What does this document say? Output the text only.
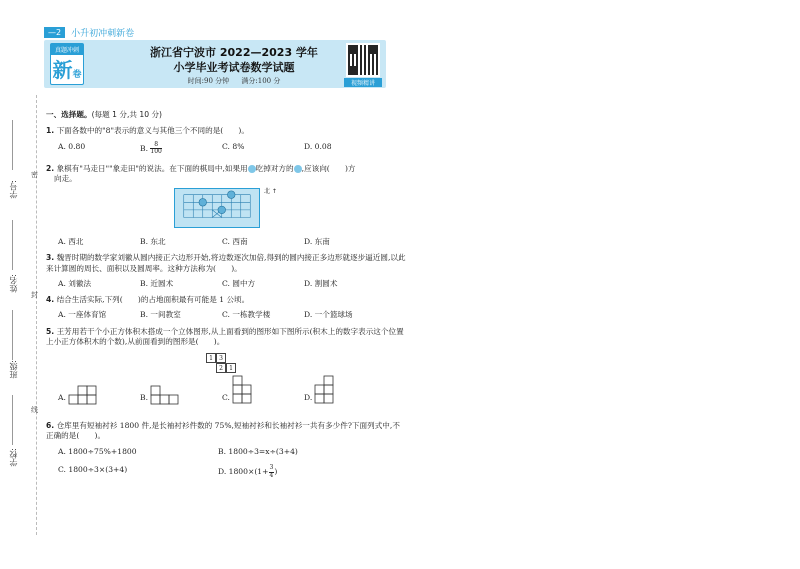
—2	小升初冲刺新卷
真题冲刺
新卷
浙江省宁波市 2022—2023 学年
小学毕业考试卷数学试题
时间:90 分钟 满分:100 分	视频精讲
密
封
线
学号:
姓名:
班级:
学校:
一、选择题。(每题 1 分,共 10 分)
1. 下面各数中的"8"表示的意义与其他三个不同的是(　　)。
A. 0.80	B. $\frac{8}{100}$	C. 8%	D. 0.08
2. 象棋有"马走日""象走田"的说法。在下面的棋局中,如果用 吃掉对方的 ,应该向(　　)方
向走。
北 ↑
A. 西北	B. 东北	C. 西南	D. 东南
3. 魏晋时期的数学家刘徽从圆内接正六边形开始,将边数逐次加倍,得到的圆内接正多边形就逐步逼近圆,以此来计算圆的周长、面积以及圆周率。这种方法称为(　　)。
A. 刘徽法	B. 近圆术	C. 圆中方	D. 割圆术
4. 结合生活实际,下列(　　)的占地面积最有可能是 1 公顷。
A. 一座体育馆	B. 一间教室	C. 一栋教学楼	D. 一个篮球场
5. 王芳用若干个小正方体积木搭成一个立体图形,从上面看到的图形如下图所示(积木上的数字表示这个位置上小正方体积木的个数),从前面看到的图形是(　　)。
1	3
2	1
A.	B.	C.	D.
6. 仓库里有短袖衬衫 1800 件,是长袖衬衫件数的 75%,短袖衬衫和长袖衬衫一共有多少件?下面列式中,不正确的是(　　)。
A. 1800÷75%+1800	B. 1800÷3=x÷(3+4)
C. 1800÷3×(3+4)	D. $1800\times(1+ \frac{3}{4}$ )
